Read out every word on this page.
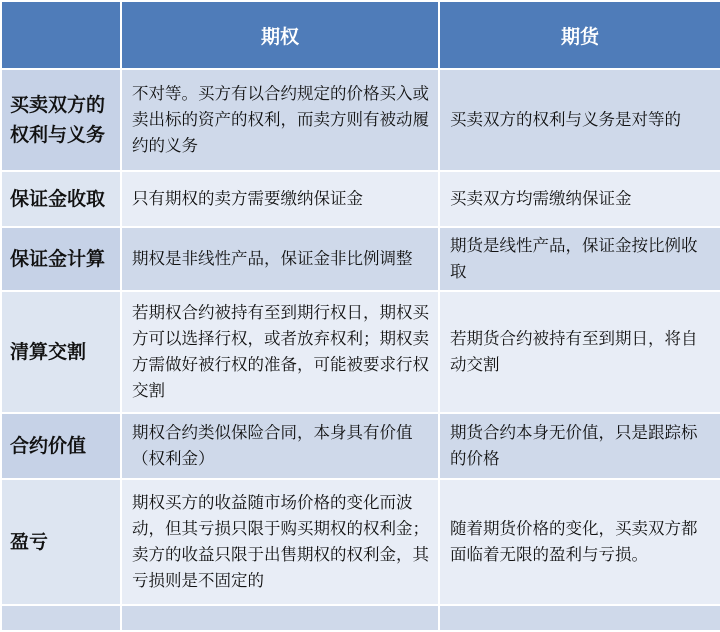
	期权	期货
买卖双方的权利与义务	不对等。买方有以合约规定的价格买入或卖出标的资产的权利，而卖方则有被动履约的义务	买卖双方的权利与义务是对等的
保证金收取	只有期权的卖方需要缴纳保证金	买卖双方均需缴纳保证金
保证金计算	期权是非线性产品，保证金非比例调整	期货是线性产品，保证金按比例收取
清算交割	若期权合约被持有至到期行权日，期权买方可以选择行权，或者放弃权利；期权卖方需做好被行权的准备，可能被要求行权交割	若期货合约被持有至到期日，将自动交割
合约价值	期权合约类似保险合同，本身具有价值（权利金）	期货合约本身无价值，只是跟踪标的价格
盈亏	期权买方的收益随市场价格的变化而波动，但其亏损只限于购买期权的权利金；卖方的收益只限于出售期权的权利金，其亏损则是不固定的	随着期货价格的变化，买卖双方都面临着无限的盈利与亏损。
